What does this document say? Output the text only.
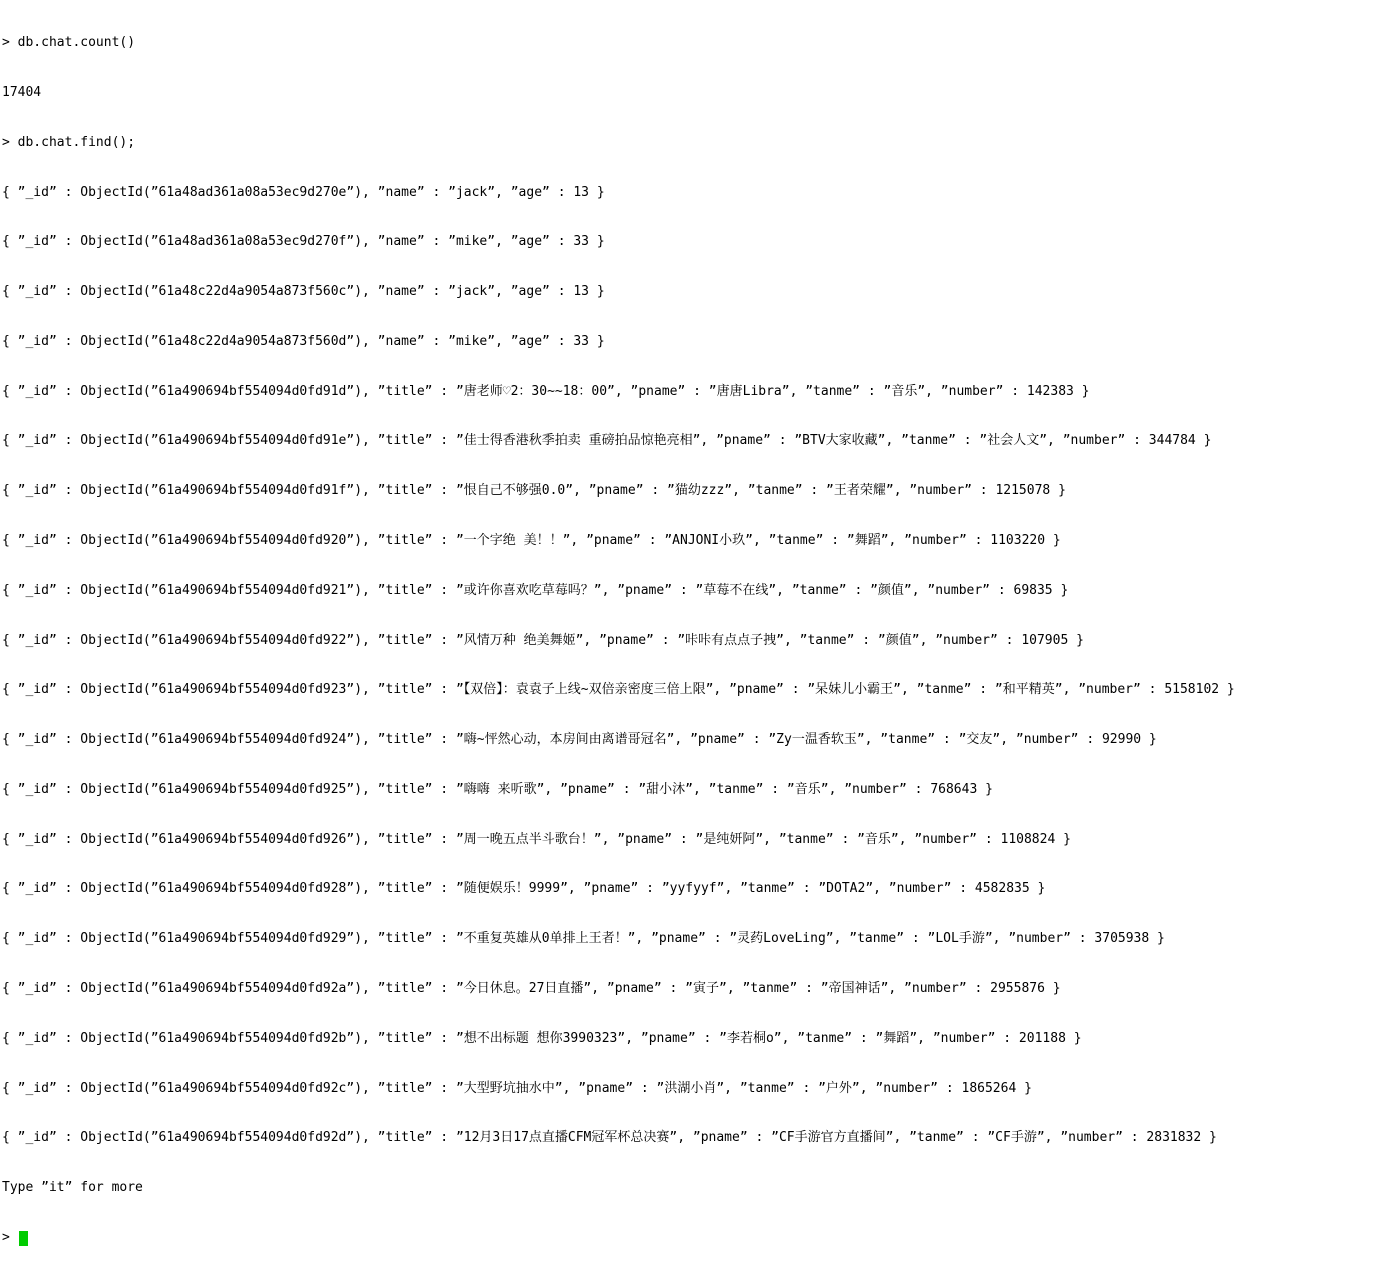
> db.chat.count()

17404

> db.chat.find();

{ ”_id” : ObjectId(”61a48ad361a08a53ec9d270e”), ”name” : ”jack”, ”age” : 13 }

{ ”_id” : ObjectId(”61a48ad361a08a53ec9d270f”), ”name” : ”mike”, ”age” : 33 }

{ ”_id” : ObjectId(”61a48c22d4a9054a873f560c”), ”name” : ”jack”, ”age” : 13 }

{ ”_id” : ObjectId(”61a48c22d4a9054a873f560d”), ”name” : ”mike”, ”age” : 33 }

{ ”_id” : ObjectId(”61a490694bf554094d0fd91d”), ”title” : ”唐老师♡2：30~~18：00”, ”pname” : ”唐唐Libra”, ”tanme” : ”音乐”, ”number” : 142383 }

{ ”_id” : ObjectId(”61a490694bf554094d0fd91e”), ”title” : ”佳士得香港秋季拍卖 重磅拍品惊艳亮相”, ”pname” : ”BTV大家收藏”, ”tanme” : ”社会人文”, ”number” : 344784 }

{ ”_id” : ObjectId(”61a490694bf554094d0fd91f”), ”title” : ”恨自己不够强0.0”, ”pname” : ”猫幼zzz”, ”tanme” : ”王者荣耀”, ”number” : 1215078 }

{ ”_id” : ObjectId(”61a490694bf554094d0fd920”), ”title” : ”一个字绝 美！！”, ”pname” : ”ANJONI小玖”, ”tanme” : ”舞蹈”, ”number” : 1103220 }

{ ”_id” : ObjectId(”61a490694bf554094d0fd921”), ”title” : ”或许你喜欢吃草莓吗？”, ”pname” : ”草莓不在线”, ”tanme” : ”颜值”, ”number” : 69835 }

{ ”_id” : ObjectId(”61a490694bf554094d0fd922”), ”title” : ”风情万种 绝美舞姬”, ”pname” : ”咔咔有点点子拽”, ”tanme” : ”颜值”, ”number” : 107905 }

{ ”_id” : ObjectId(”61a490694bf554094d0fd923”), ”title” : ”【双倍】：袁袁子上线~双倍亲密度三倍上限”, ”pname” : ”呆妹儿小霸王”, ”tanme” : ”和平精英”, ”number” : 5158102 }

{ ”_id” : ObjectId(”61a490694bf554094d0fd924”), ”title” : ”嗨~怦然心动，本房间由离谱哥冠名”, ”pname” : ”Zy一温香软玉”, ”tanme” : ”交友”, ”number” : 92990 }

{ ”_id” : ObjectId(”61a490694bf554094d0fd925”), ”title” : ”嗨嗨 来听歌”, ”pname” : ”甜小沐”, ”tanme” : ”音乐”, ”number” : 768643 }

{ ”_id” : ObjectId(”61a490694bf554094d0fd926”), ”title” : ”周一晚五点半斗歌台！”, ”pname” : ”是纯妍阿”, ”tanme” : ”音乐”, ”number” : 1108824 }

{ ”_id” : ObjectId(”61a490694bf554094d0fd928”), ”title” : ”随便娱乐！9999”, ”pname” : ”yyfyyf”, ”tanme” : ”DOTA2”, ”number” : 4582835 }

{ ”_id” : ObjectId(”61a490694bf554094d0fd929”), ”title” : ”不重复英雄从0单排上王者！”, ”pname” : ”灵药LoveLing”, ”tanme” : ”LOL手游”, ”number” : 3705938 }

{ ”_id” : ObjectId(”61a490694bf554094d0fd92a”), ”title” : ”今日休息。27日直播”, ”pname” : ”寅子”, ”tanme” : ”帝国神话”, ”number” : 2955876 }

{ ”_id” : ObjectId(”61a490694bf554094d0fd92b”), ”title” : ”想不出标题 想你3990323”, ”pname” : ”李若桐o”, ”tanme” : ”舞蹈”, ”number” : 201188 }

{ ”_id” : ObjectId(”61a490694bf554094d0fd92c”), ”title” : ”大型野坑抽水中”, ”pname” : ”洪湖小肖”, ”tanme” : ”户外”, ”number” : 1865264 }

{ ”_id” : ObjectId(”61a490694bf554094d0fd92d”), ”title” : ”12月3日17点直播CFM冠军杯总决赛”, ”pname” : ”CF手游官方直播间”, ”tanme” : ”CF手游”, ”number” : 2831832 }

Type ”it” for more

>
